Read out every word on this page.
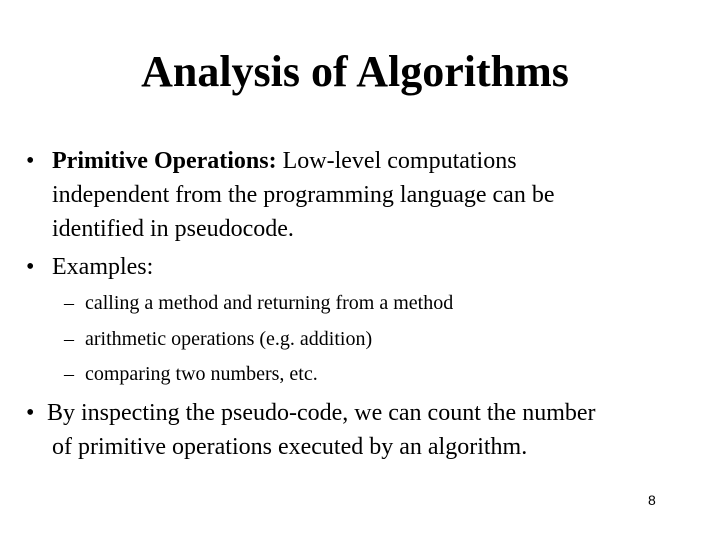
Analysis of Algorithms
• Primitive Operations: Low-level computations
independent from the programming language can be
identified in pseudocode.
• Examples:
– calling a method and returning from a method
– arithmetic operations (e.g. addition)
– comparing two numbers, etc.
• By inspecting the pseudo-code, we can count the number
of primitive operations executed by an algorithm.
8
